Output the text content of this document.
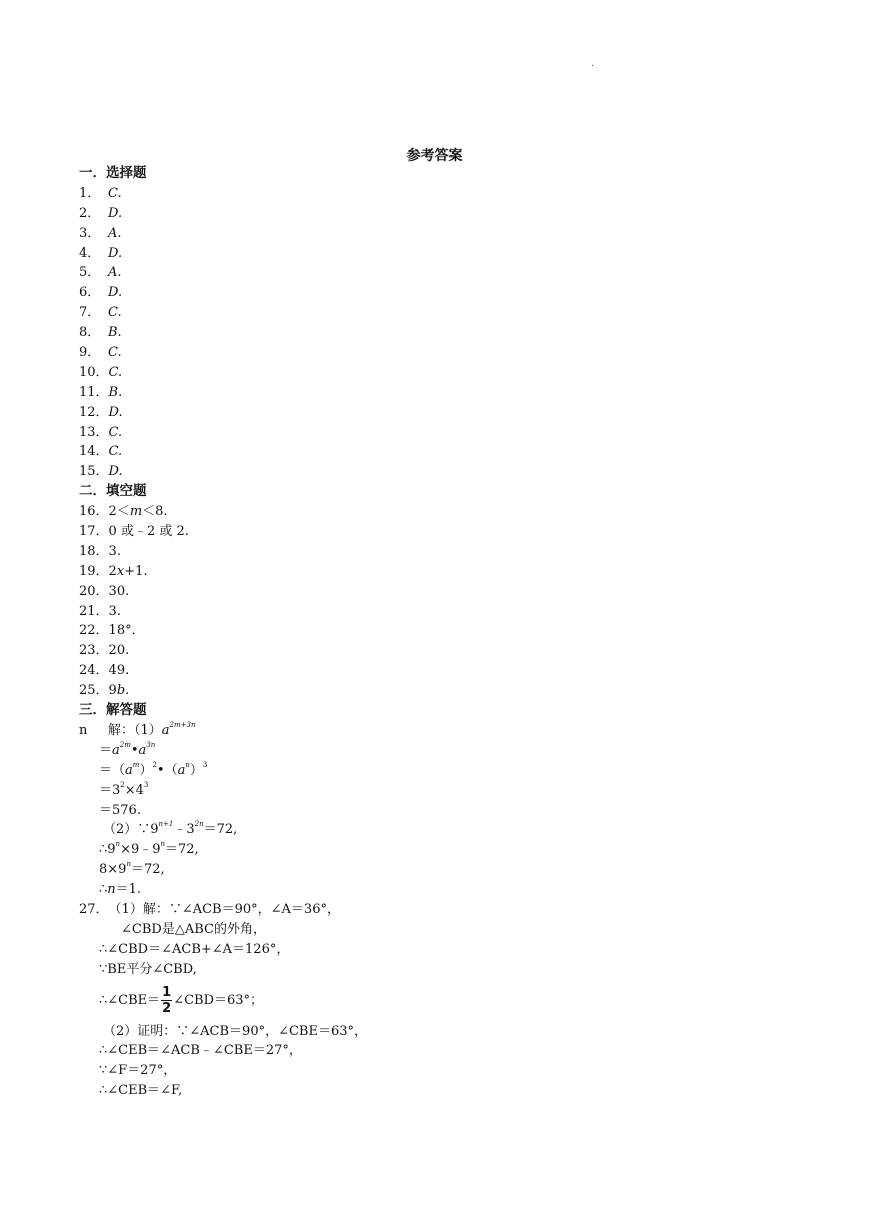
.
参考答案
一．选择题
1． C.
2． D.
3． A.
4． D.
5． A.
6． D.
7． C.
8． B.
9． C.
10．C.
11．B.
12．D.
13．C.
14．C.
15．D.
二．填空题
16．2＜m＜8.
17．0 或﹣2 或 2.
18．3.
19．2x+1.
20．30.
21．3.
22．18°．
23．20.
24．49.
25．9b.
三．解答题
n 解：$(1)a^{2m+3n}$
$=a^{2m}•a^{3n}$
$=(a^m)^2•(a^n)^3$
$=3^2\times 4^3$
＝576.
$(2)\because 9^{n+1}﹣3^{2n}=72$,
$\therefore 9^n\times 9﹣9^n=72$,
$8\times 9^n=72$,
∴n＝1.
27．（1）解：∵∠ACB＝90°，∠A＝36°，
∠CBD是△ABC的外角，
∴∠CBD＝∠ACB+∠A＝126°，
∵BE平分∠CBD,
∴∠CBE＝ $\frac{1}{2}$ ∠CBD＝63°；
（2）证明：∵∠ACB＝90°，∠CBE＝63°，
∴∠CEB＝∠ACB﹣∠CBE＝27°，
∵∠F＝27°，
∴∠CEB＝∠F,
